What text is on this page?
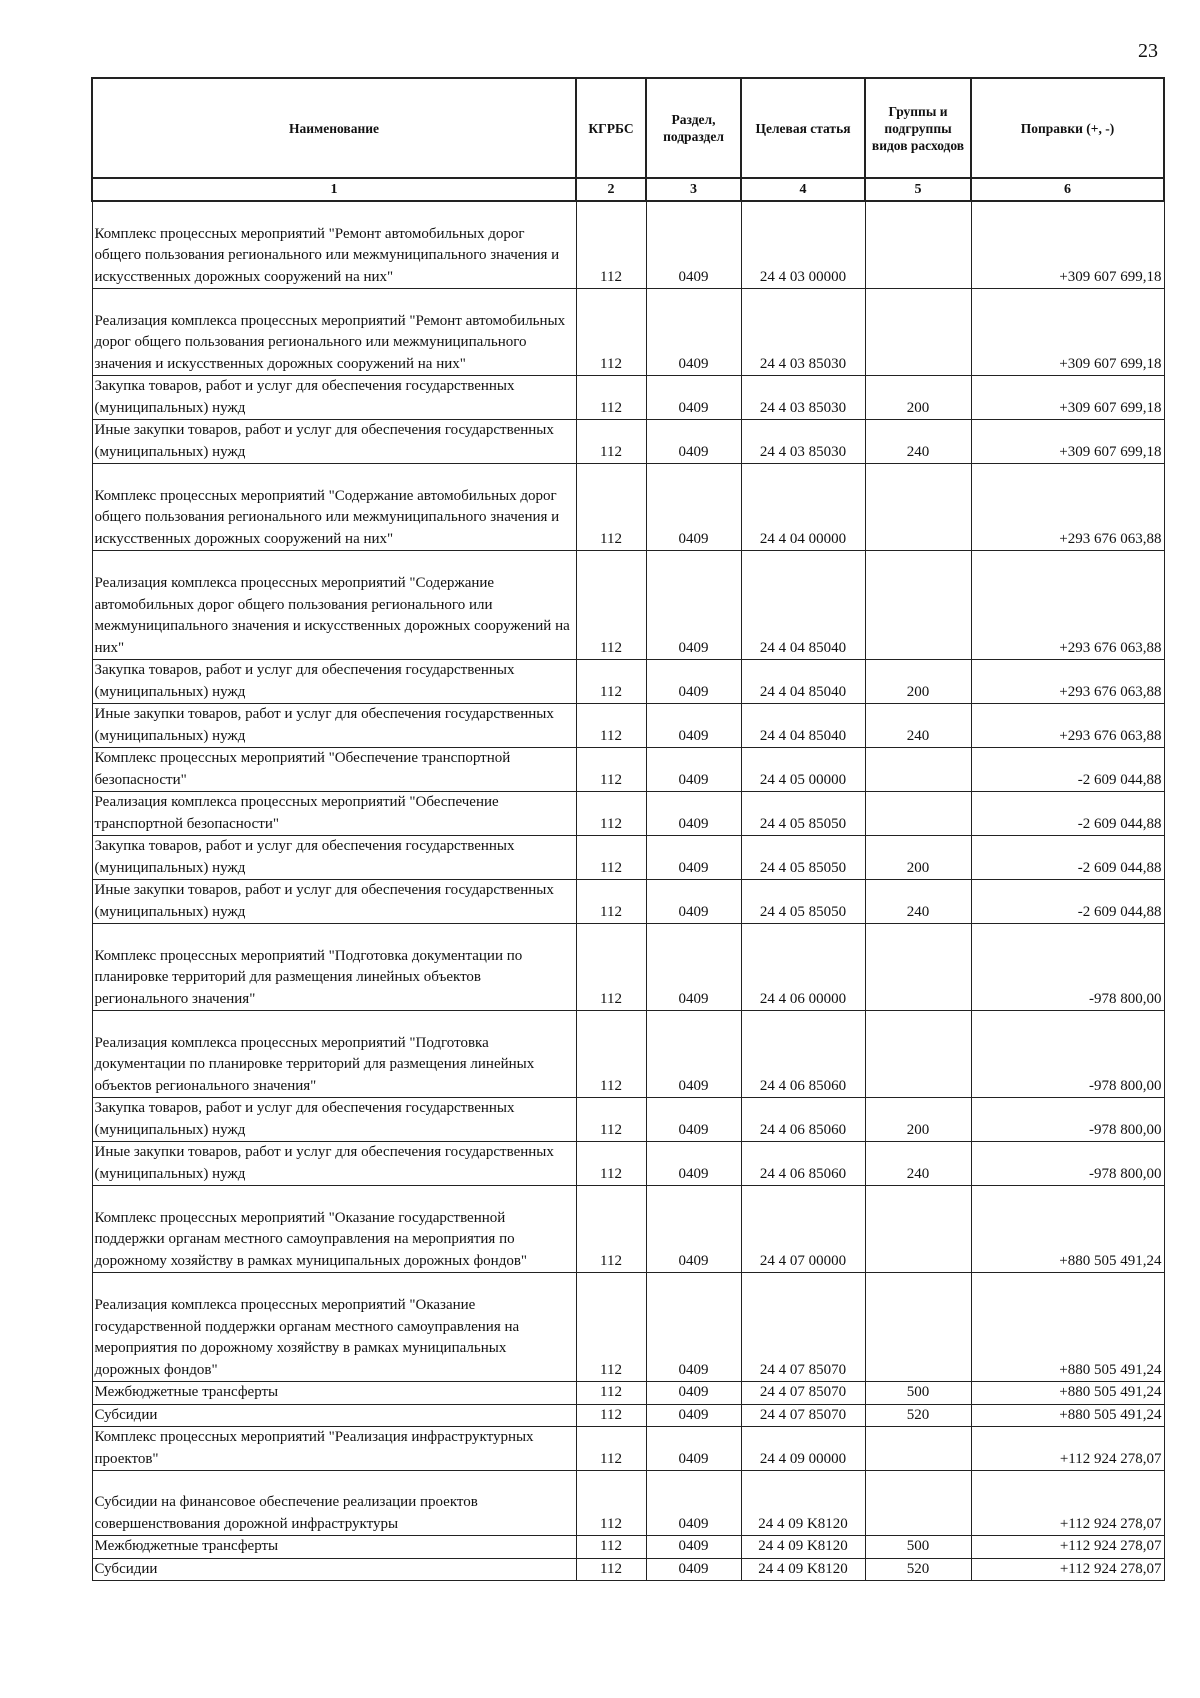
23
Наименование	КГРБС	Раздел, подраздел	Целевая статья	Группы и подгруппы видов расходов	Поправки (+, -)
1	2	3	4	5	6
Комплекс процессных мероприятий "Ремонт автомобильных дорог общего пользования регионального или межмуниципального значения и искусственных дорожных сооружений на них"	112	0409	24 4 03 00000		+309 607 699,18
Реализация комплекса процессных мероприятий "Ремонт автомобильных дорог общего пользования регионального или межмуниципального значения и искусственных дорожных сооружений на них"	112	0409	24 4 03 85030		+309 607 699,18
Закупка товаров, работ и услуг для обеспечения государственных (муниципальных) нужд	112	0409	24 4 03 85030	200	+309 607 699,18
Иные закупки товаров, работ и услуг для обеспечения государственных (муниципальных) нужд	112	0409	24 4 03 85030	240	+309 607 699,18
Комплекс процессных мероприятий "Содержание автомобильных дорог общего пользования регионального или межмуниципального значения и искусственных дорожных сооружений на них"	112	0409	24 4 04 00000		+293 676 063,88
Реализация комплекса процессных мероприятий "Содержание автомобильных дорог общего пользования регионального или межмуниципального значения и искусственных дорожных сооружений на них"	112	0409	24 4 04 85040		+293 676 063,88
Закупка товаров, работ и услуг для обеспечения государственных (муниципальных) нужд	112	0409	24 4 04 85040	200	+293 676 063,88
Иные закупки товаров, работ и услуг для обеспечения государственных (муниципальных) нужд	112	0409	24 4 04 85040	240	+293 676 063,88
Комплекс процессных мероприятий "Обеспечение транспортной безопасности"	112	0409	24 4 05 00000		-2 609 044,88
Реализация комплекса процессных мероприятий "Обеспечение транспортной безопасности"	112	0409	24 4 05 85050		-2 609 044,88
Закупка товаров, работ и услуг для обеспечения государственных (муниципальных) нужд	112	0409	24 4 05 85050	200	-2 609 044,88
Иные закупки товаров, работ и услуг для обеспечения государственных (муниципальных) нужд	112	0409	24 4 05 85050	240	-2 609 044,88
Комплекс процессных мероприятий "Подготовка документации по планировке территорий для размещения линейных объектов регионального значения"	112	0409	24 4 06 00000		-978 800,00
Реализация комплекса процессных мероприятий "Подготовка документации по планировке территорий для размещения линейных объектов регионального значения"	112	0409	24 4 06 85060		-978 800,00
Закупка товаров, работ и услуг для обеспечения государственных (муниципальных) нужд	112	0409	24 4 06 85060	200	-978 800,00
Иные закупки товаров, работ и услуг для обеспечения государственных (муниципальных) нужд	112	0409	24 4 06 85060	240	-978 800,00
Комплекс процессных мероприятий "Оказание государственной поддержки органам местного самоуправления на мероприятия по дорожному хозяйству в рамках муниципальных дорожных фондов"	112	0409	24 4 07 00000		+880 505 491,24
Реализация комплекса процессных мероприятий "Оказание государственной поддержки органам местного самоуправления на мероприятия по дорожному хозяйству в рамках муниципальных дорожных фондов"	112	0409	24 4 07 85070		+880 505 491,24
Межбюджетные трансферты	112	0409	24 4 07 85070	500	+880 505 491,24
Субсидии	112	0409	24 4 07 85070	520	+880 505 491,24
Комплекс процессных мероприятий "Реализация инфраструктурных проектов"	112	0409	24 4 09 00000		+112 924 278,07
Субсидии на финансовое обеспечение реализации проектов совершенствования дорожной инфраструктуры	112	0409	24 4 09 K8120		+112 924 278,07
Межбюджетные трансферты	112	0409	24 4 09 K8120	500	+112 924 278,07
Субсидии	112	0409	24 4 09 K8120	520	+112 924 278,07
